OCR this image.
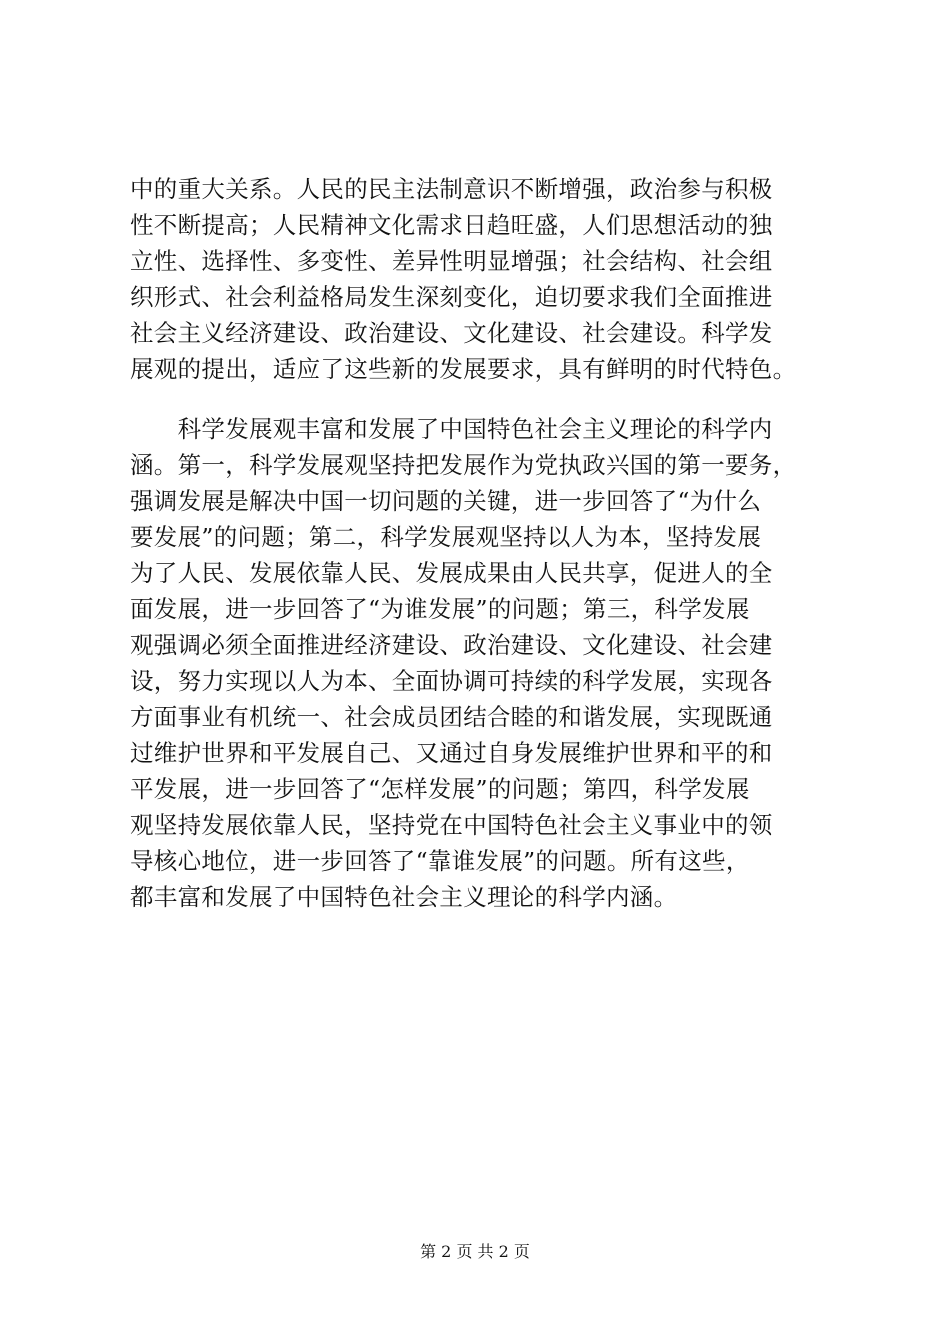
中的重大关系。人民的民主法制意识不断增强，政治参与积极
性不断提高；人民精神文化需求日趋旺盛，人们思想活动的独
立性、选择性、多变性、差异性明显增强；社会结构、社会组
织形式、社会利益格局发生深刻变化，迫切要求我们全面推进
社会主义经济建设、政治建设、文化建设、社会建设。科学发
展观的提出，适应了这些新的发展要求，具有鲜明的时代特色。
　　科学发展观丰富和发展了中国特色社会主义理论的科学内
涵。第一，科学发展观坚持把发展作为党执政兴国的第一要务，
强调发展是解决中国一切问题的关键，进一步回答了“为什么
要发展”的问题；第二，科学发展观坚持以人为本，坚持发展
为了人民、发展依靠人民、发展成果由人民共享，促进人的全
面发展，进一步回答了“为谁发展”的问题；第三，科学发展
观强调必须全面推进经济建设、政治建设、文化建设、社会建
设，努力实现以人为本、全面协调可持续的科学发展，实现各
方面事业有机统一、社会成员团结合睦的和谐发展，实现既通
过维护世界和平发展自己、又通过自身发展维护世界和平的和
平发展，进一步回答了“怎样发展”的问题；第四，科学发展
观坚持发展依靠人民，坚持党在中国特色社会主义事业中的领
导核心地位，进一步回答了“靠谁发展”的问题。所有这些，
都丰富和发展了中国特色社会主义理论的科学内涵。
第 2 页 共 2 页
